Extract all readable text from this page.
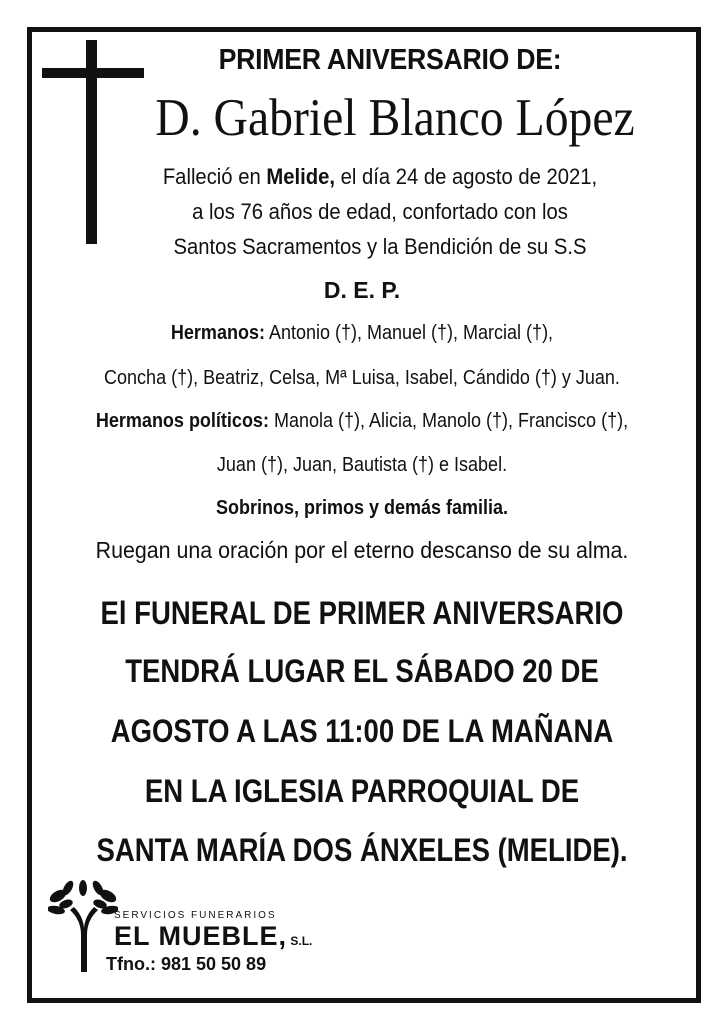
PRIMER ANIVERSARIO DE:
D. Gabriel Blanco López
Falleció en Melide, el día 24 de agosto de 2021,
a los 76 años de edad, confortado con los
Santos Sacramentos y la Bendición de su S.S
D. E. P.
Hermanos: Antonio (†), Manuel (†), Marcial (†),
Concha (†), Beatriz, Celsa, Mª Luisa, Isabel, Cándido (†) y Juan.
Hermanos políticos: Manola (†), Alicia, Manolo (†), Francisco (†),
Juan (†), Juan, Bautista (†) e Isabel.
Sobrinos, primos y demás familia.
Ruegan una oración por el eterno descanso de su alma.
El FUNERAL DE PRIMER ANIVERSARIO
TENDRÁ LUGAR EL SÁBADO 20 DE
AGOSTO A LAS 11:00 DE LA MAÑANA
EN LA IGLESIA PARROQUIAL DE
SANTA MARÍA DOS ÁNXELES (MELIDE).
SERVICIOS FUNERARIOS
EL MUEBLE, S.L.
Tfno.: 981 50 50 89
